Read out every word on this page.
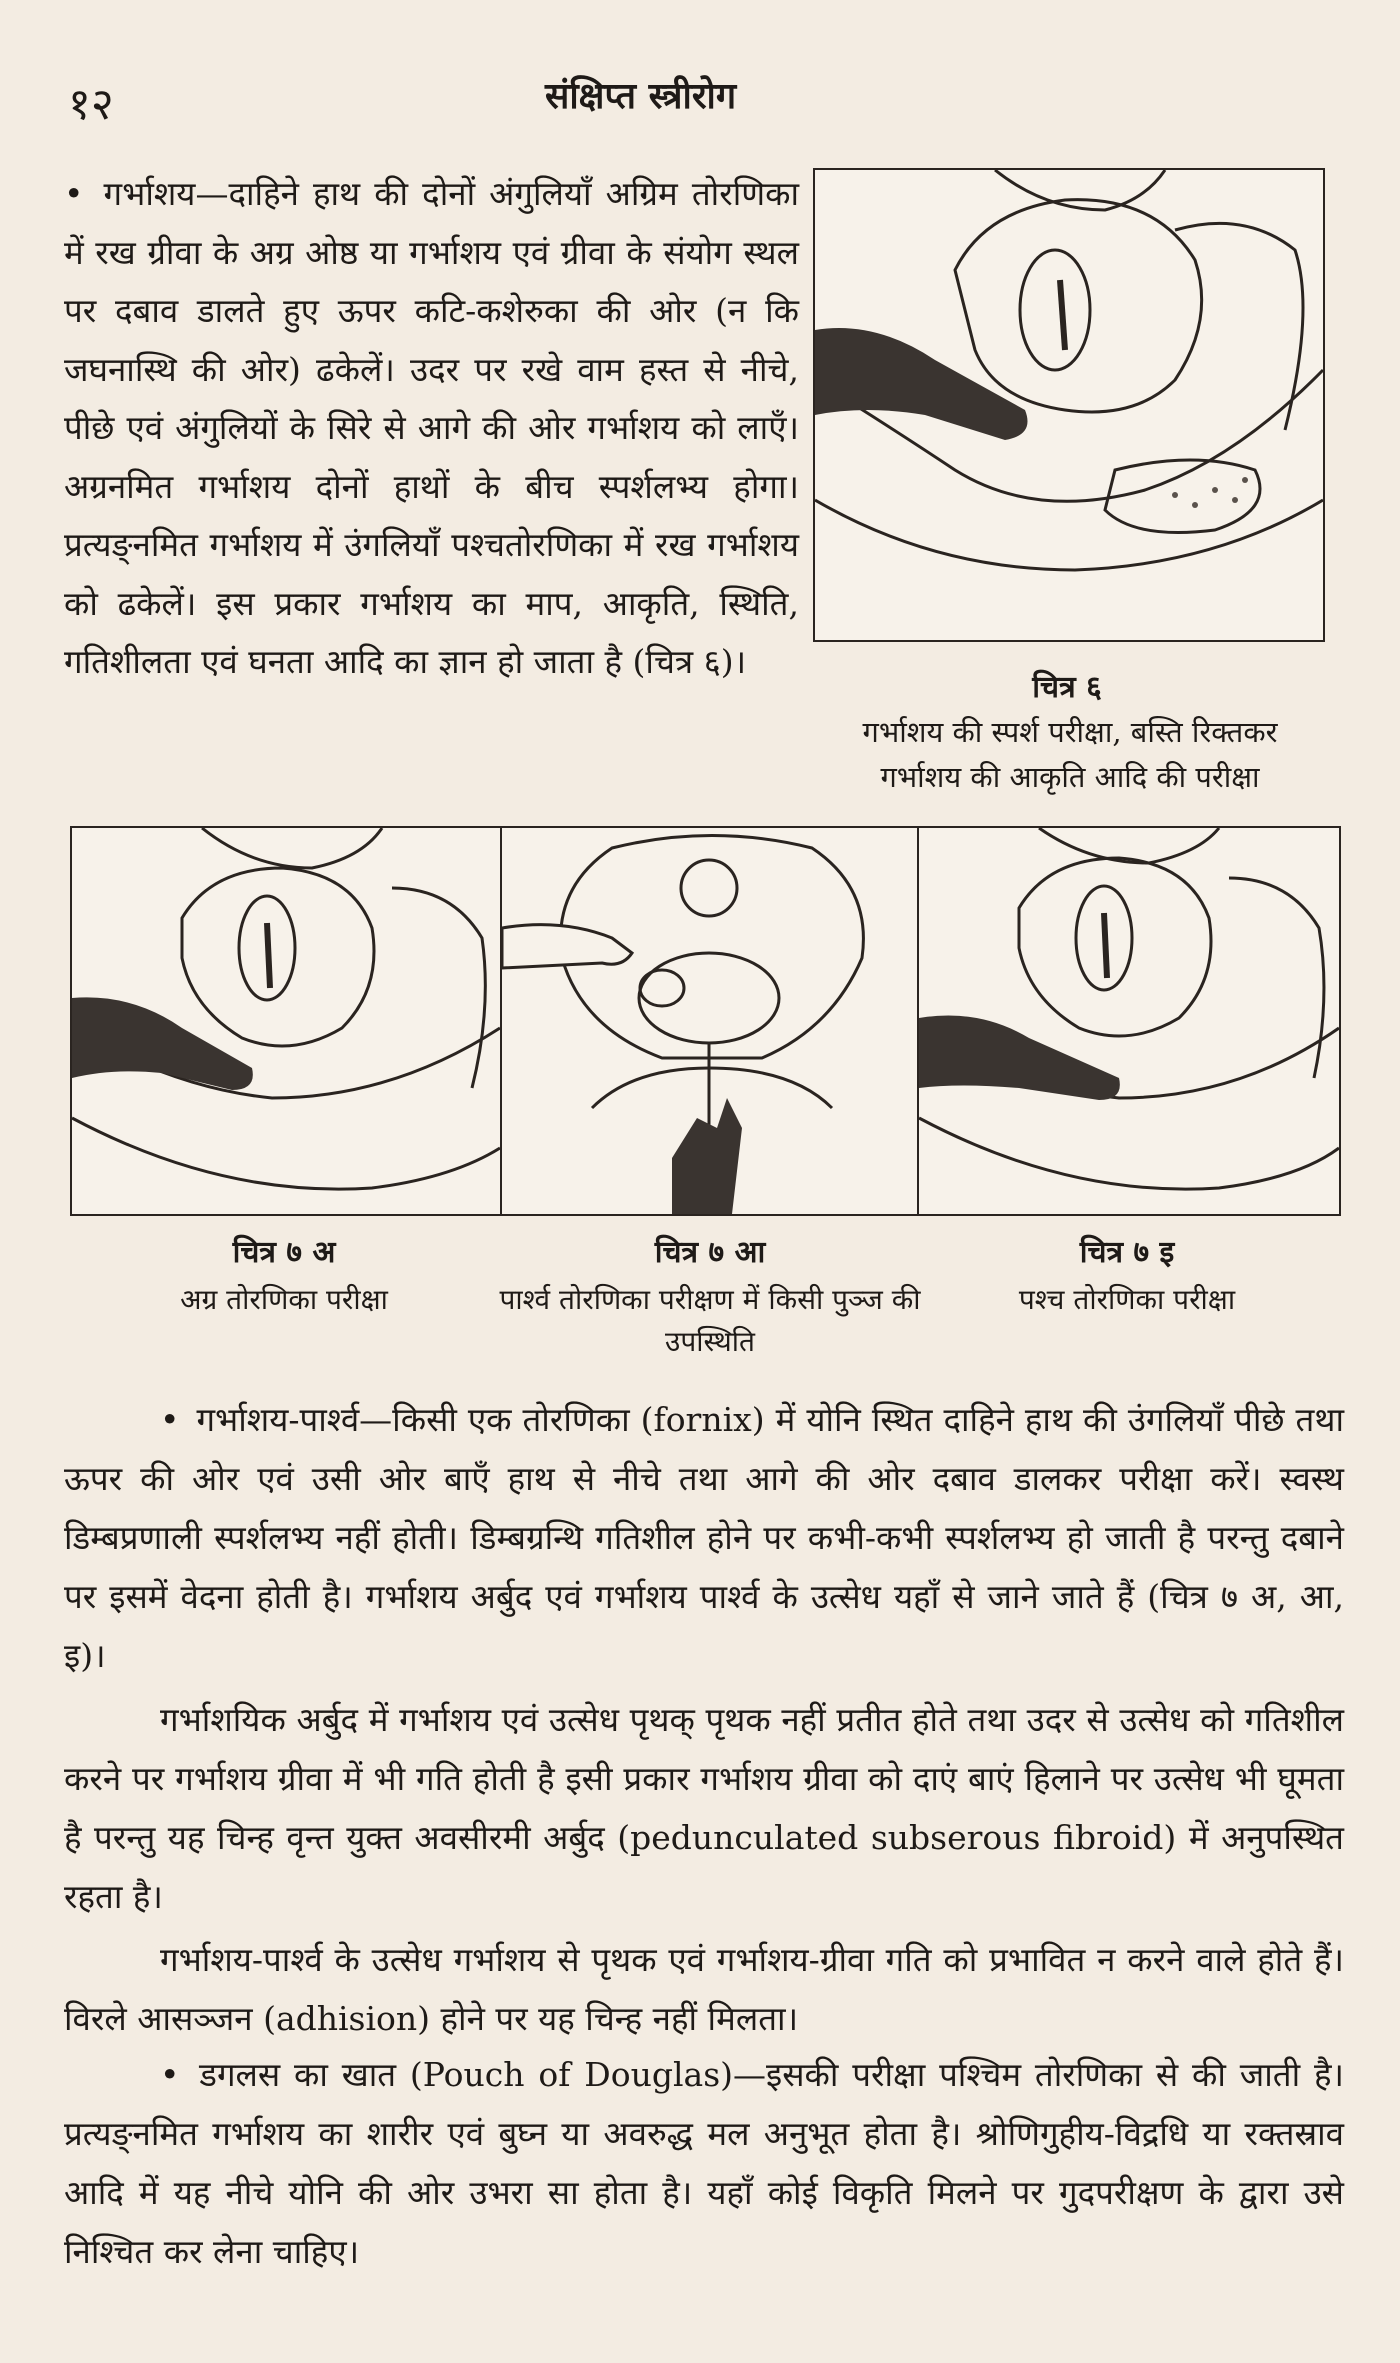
१२	संक्षिप्त स्त्रीरोग
• गर्भाशय—दाहिने हाथ की दोनों अंगुलियाँ अग्रिम तोरणिका में रख ग्रीवा के अग्र ओष्ठ या गर्भाशय एवं ग्रीवा के संयोग स्थल पर दबाव डालते हुए ऊपर कटि-कशेरुका की ओर (न कि जघनास्थि की ओर) ढकेलें। उदर पर रखे वाम हस्त से नीचे, पीछे एवं अंगुलियों के सिरे से आगे की ओर गर्भाशय को लाएँ। अग्रनमित गर्भाशय दोनों हाथों के बीच स्पर्शलभ्य होगा। प्रत्यङ्नमित गर्भाशय में उंगलियाँ पश्चतोरणिका में रख गर्भाशय को ढकेलें। इस प्रकार गर्भाशय का माप, आकृति, स्थिति, गतिशीलता एवं घनता आदि का ज्ञान हो जाता है (चित्र ६)।
चित्र ६
गर्भाशय की स्पर्श परीक्षा, बस्ति रिक्तकर
गर्भाशय की आकृति आदि की परीक्षा
चित्र ७ अ
अग्र तोरणिका परीक्षा
चित्र ७ आ
पार्श्व तोरणिका परीक्षण में किसी पुञ्ज की उपस्थिति
चित्र ७ इ
पश्च तोरणिका परीक्षा
• गर्भाशय-पार्श्व—किसी एक तोरणिका (fornix) में योनि स्थित दाहिने हाथ की उंगलियाँ पीछे तथा ऊपर की ओर एवं उसी ओर बाएँ हाथ से नीचे तथा आगे की ओर दबाव डालकर परीक्षा करें। स्वस्थ डिम्बप्रणाली स्पर्शलभ्य नहीं होती। डिम्बग्रन्थि गतिशील होने पर कभी-कभी स्पर्शलभ्य हो जाती है परन्तु दबाने पर इसमें वेदना होती है। गर्भाशय अर्बुद एवं गर्भाशय पार्श्व के उत्सेध यहाँ से जाने जाते हैं (चित्र ७ अ, आ, इ)।
गर्भाशयिक अर्बुद में गर्भाशय एवं उत्सेध पृथक् पृथक नहीं प्रतीत होते तथा उदर से उत्सेध को गतिशील करने पर गर्भाशय ग्रीवा में भी गति होती है इसी प्रकार गर्भाशय ग्रीवा को दाएं बाएं हिलाने पर उत्सेध भी घूमता है परन्तु यह चिन्ह वृन्त युक्त अवसीरमी अर्बुद (pedunculated subserous fibroid) में अनुपस्थित रहता है।
गर्भाशय-पार्श्व के उत्सेध गर्भाशय से पृथक एवं गर्भाशय-ग्रीवा गति को प्रभावित न करने वाले होते हैं। विरले आसञ्जन (adhision) होने पर यह चिन्ह नहीं मिलता।
• डगलस का खात (Pouch of Douglas)—इसकी परीक्षा पश्चिम तोरणिका से की जाती है। प्रत्यङ्नमित गर्भाशय का शारीर एवं बुघ्न या अवरुद्ध मल अनुभूत होता है। श्रोणिगुहीय-विद्रधि या रक्तस्राव आदि में यह नीचे योनि की ओर उभरा सा होता है। यहाँ कोई विकृति मिलने पर गुदपरीक्षण के द्वारा उसे निश्चित कर लेना चाहिए।
